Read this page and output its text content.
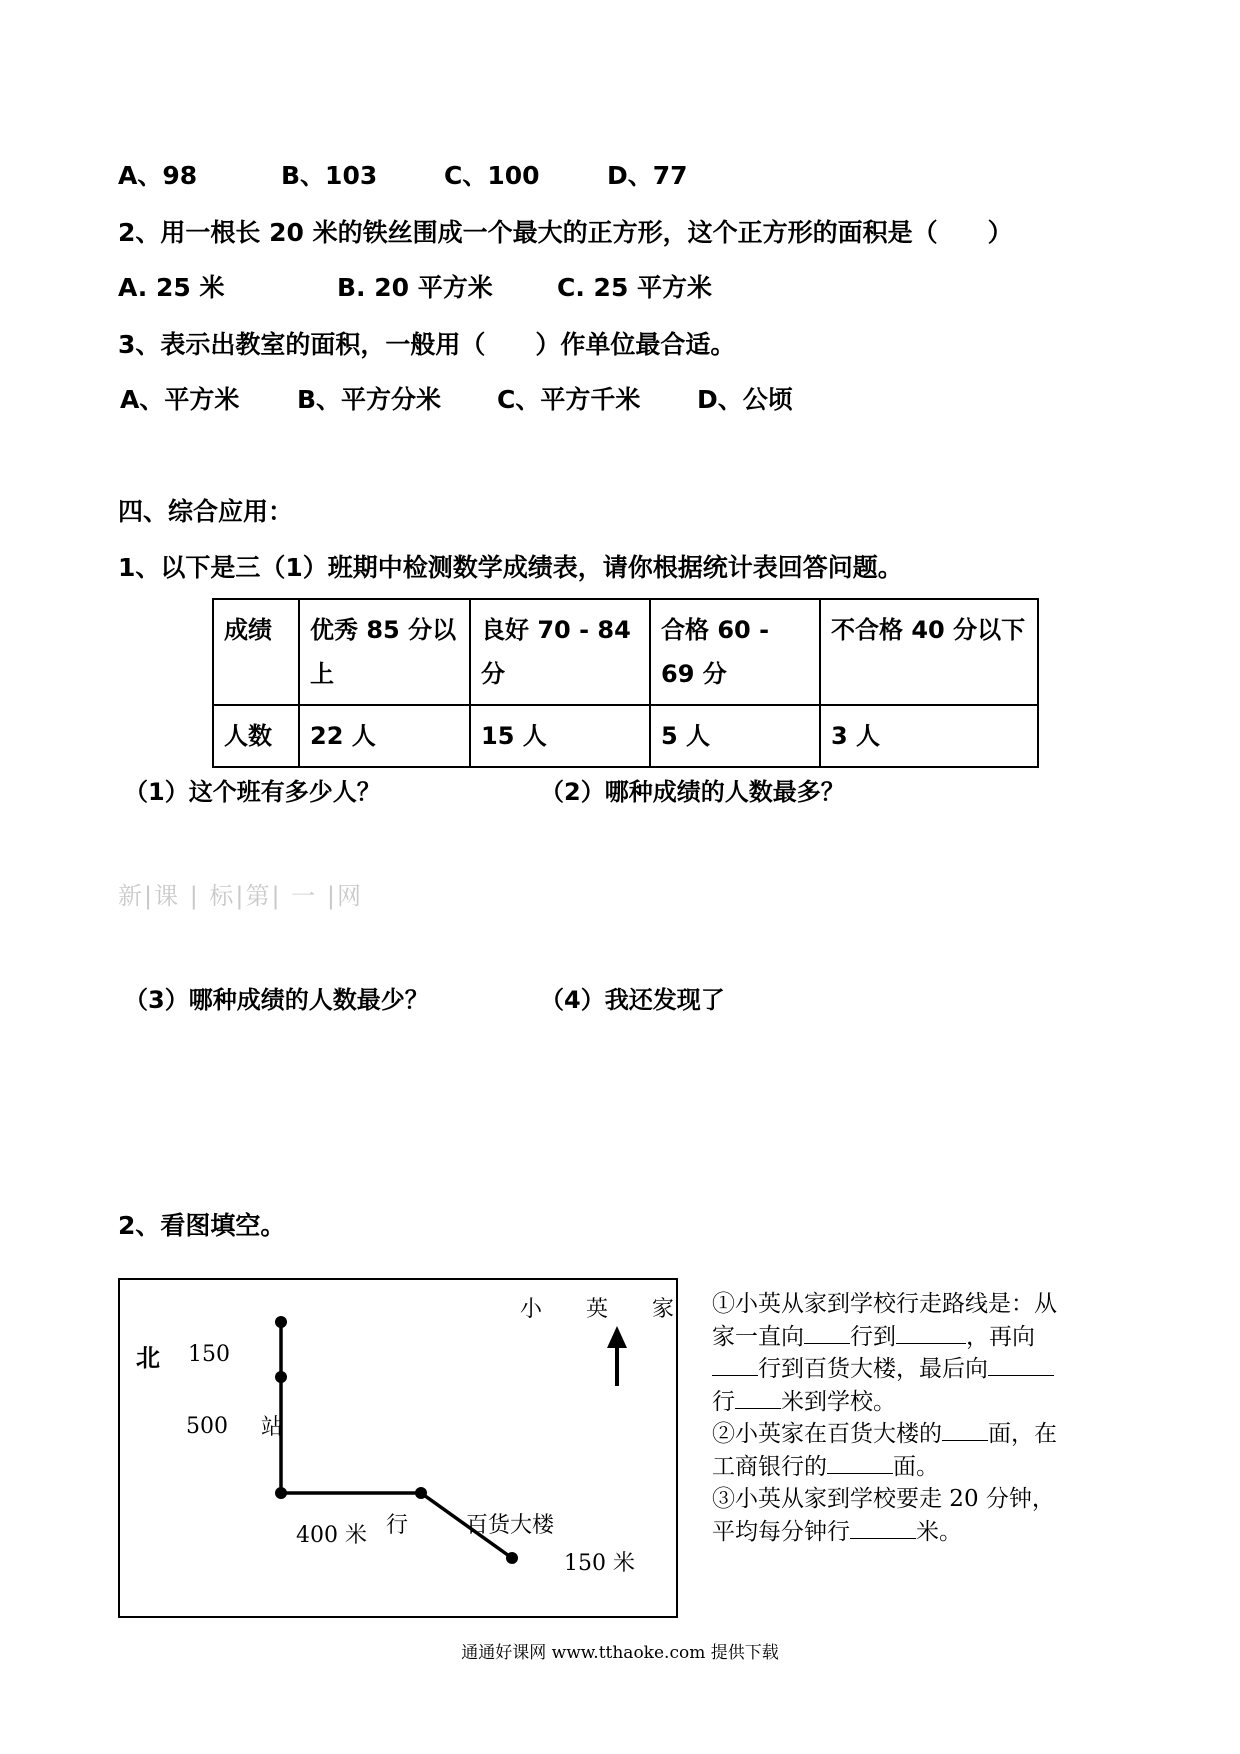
A、98	B、103	C、100	D、77
2、用一根长 20 米的铁丝围成一个最大的正方形，这个正方形的面积是（　　）
A. 25 米	B. 20 平方米	C. 25 平方米
3、表示出教室的面积，一般用（　　）作单位最合适。
A、平方米 B、平方分米 C、平方千米 D、公顷
四、综合应用：
1、以下是三（1）班期中检测数学成绩表，请你根据统计表回答问题。
成绩	优秀 85 分以上	良好 70 - 84 分	合格 60 - 69 分	不合格 40 分以下
人数	22 人	15 人	5 人	3 人
（1）这个班有多少人？	（2）哪种成绩的人数最多？
新|课 | 标|第| 一 |网
（3）哪种成绩的人数最少？	（4）我还发现了
2、看图填空。
北
小　　英　　家
150
500 站
400 米 行	百货大楼
150 米
①小英从家到学校行走路线是：从家一直向 行到	，再向行到百货大楼，最后向行 米到学校。
②小英家在百货大楼的 面，在工商银行的	面。
③小英从家到学校要走 20 分钟，平均每分钟行	米。
通通好课网 www.tthaoke.com 提供下载
